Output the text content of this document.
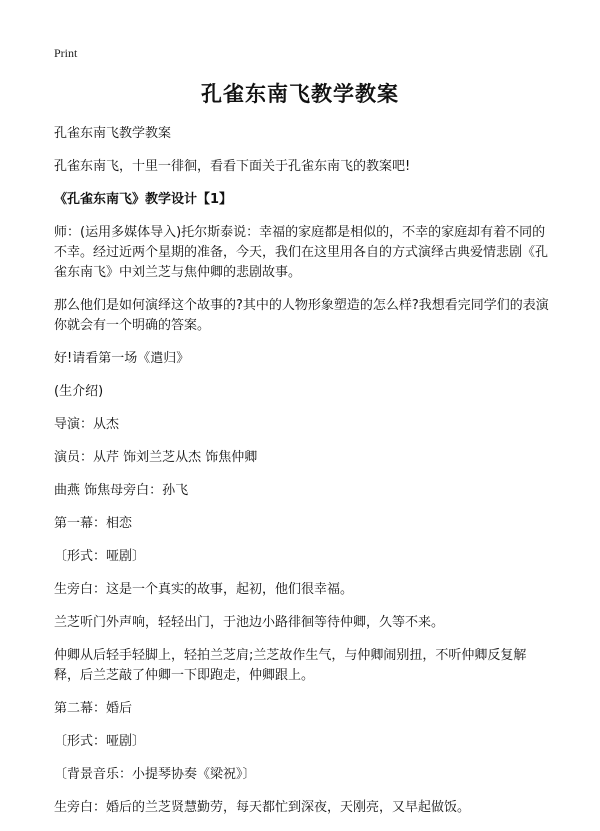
Print
孔雀东南飞教学教案

孔雀东南飞教学教案

孔雀东南飞，十里一徘徊，看看下面关于孔雀东南飞的教案吧!

《孔雀东南飞》教学设计【1】

师：(运用多媒体导入)托尔斯泰说：幸福的家庭都是相似的，不幸的家庭却有着不同的不幸。经过近两个星期的准备，今天，我们在这里用各自的方式演绎古典爱情悲剧《孔雀东南飞》中刘兰芝与焦仲卿的悲剧故事。

那么他们是如何演绎这个故事的?其中的人物形象塑造的怎么样?我想看完同学们的表演你就会有一个明确的答案。

好!请看第一场《遣归》

(生介绍)

导演：从杰

演员：从芹 饰刘兰芝从杰 饰焦仲卿

曲燕 饰焦母旁白：孙飞

第一幕：相恋

〔形式：哑剧〕

生旁白：这是一个真实的故事，起初，他们很幸福。

兰芝听门外声响，轻轻出门，于池边小路徘徊等待仲卿，久等不来。

仲卿从后轻手轻脚上，轻拍兰芝肩;兰芝故作生气，与仲卿闹别扭，不听仲卿反复解释，后兰芝敲了仲卿一下即跑走，仲卿跟上。

第二幕：婚后

〔形式：哑剧〕

〔背景音乐：小提琴协奏《梁祝》〕

生旁白：婚后的兰芝贤慧勤劳，每天都忙到深夜，天刚亮，又早起做饭。
